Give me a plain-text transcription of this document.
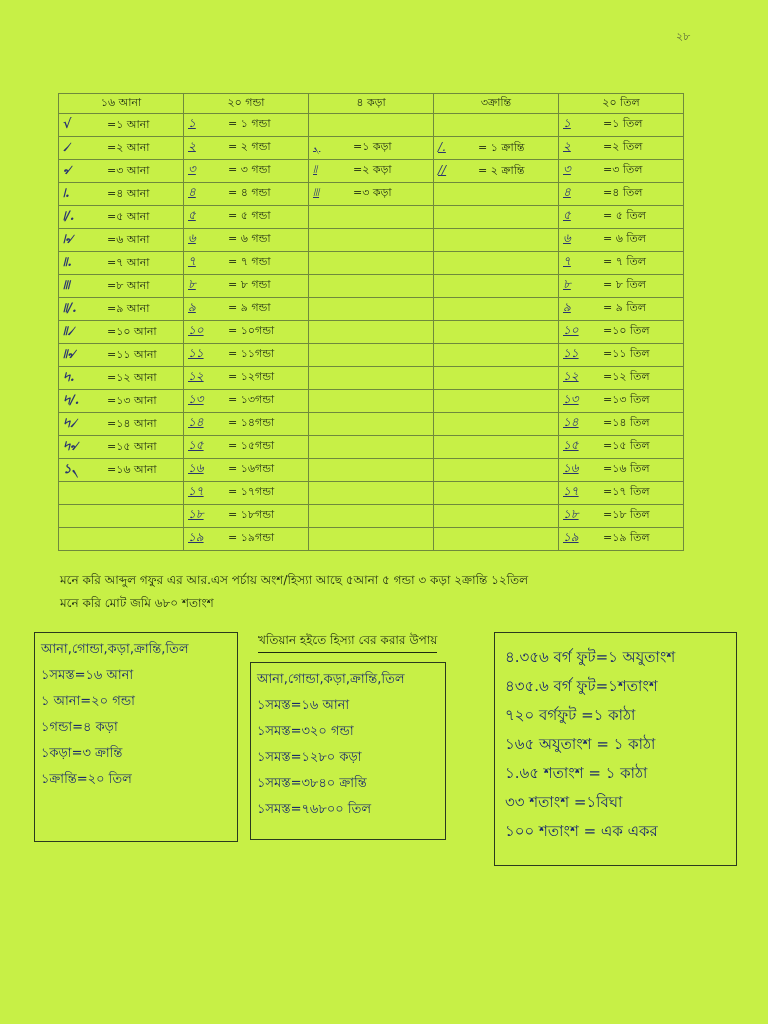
২৮
১৬ আনা	২০ গন্ডা	৪ কড়া	৩ক্রান্তি	২০ তিল
√ =১ আনা	১ = ১ গন্ডা			১ =১ তিল
৴ =২ আনা	২ = ২ গন্ডা	৲ =১ কড়া	/. = ১ ক্রান্তি	২ =২ তিল
৵ =৩ আনা	৩ = ৩ গন্ডা	৷৷ =২ কড়া	// = ২ ক্রান্তি	৩ =৩ তিল
৷. =৪ আনা	৪ = ৪ গন্ডা	৷৷৷ =৩ কড়া		৪ =৪ তিল
৷/. =৫ আনা	৫ = ৫ গন্ডা			৫ = ৫ তিল
৷৵ =৬ আনা	৬ = ৬ গন্ডা			৬ = ৬ তিল
৷৷. =৭ আনা	৭ = ৭ গন্ডা			৭ = ৭ তিল
৷৷৷ =৮ আনা	৮ = ৮ গন্ডা			৮ = ৮ তিল
৷৷/. =৯ আনা	৯ = ৯ গন্ডা			৯ = ৯ তিল
৷৷৴ =১০ আনা	১০ = ১০গন্ডা			১০ =১০ তিল
৷৷৵ =১১ আনা	১১ = ১১গন্ডা			১১ =১১ তিল
৸. =১২ আনা	১২ = ১২গন্ডা			১২ =১২ তিল
৸/. =১৩ আনা	১৩ = ১৩গন্ডা			১৩ =১৩ তিল
৸৴ =১৪ আনা	১৪ = ১৪গন্ডা			১৪ =১৪ তিল
৸৵ =১৫ আনা	১৫ = ১৫গন্ডা			১৫ =১৫ তিল
১৲ =১৬ আনা	১৬ = ১৬গন্ডা			১৬ =১৬ তিল
	১৭ = ১৭গন্ডা			১৭ =১৭ তিল
	১৮ = ১৮গন্ডা			১৮ =১৮ তিল
	১৯ = ১৯গন্ডা			১৯ =১৯ তিল
মনে করি আব্দুল গফুর এর আর.এস পর্চায় অংশ/হিস্যা আছে ৫আনা ৫ গন্ডা ৩ কড়া ২ক্রান্তি ১২তিল
মনে করি মোট জমি ৬৮০ শতাংশ
আনা,গোন্ডা,কড়া,ক্রান্তি,তিল
১সমস্ত=১৬ আনা
১ আনা=২০ গন্ডা
১গন্ডা=৪ কড়া
১কড়া=৩ ক্রান্তি
১ক্রান্তি=২০ তিল
খতিয়ান হইতে হিস্যা বের করার উপায়
আনা,গোন্ডা,কড়া,ক্রান্তি,তিল
১সমস্ত=১৬ আনা
১সমস্ত=৩২০ গন্ডা
১সমস্ত=১২৮০ কড়া
১সমস্ত=৩৮৪০ ক্রান্তি
১সমস্ত=৭৬৮০০ তিল
৪.৩৫৬ বর্গ ফুট=১ অযুতাংশ
৪৩৫.৬ বর্গ ফুট=১শতাংশ
৭২০ বর্গফুট =১ কাঠা
১৬৫ অযুতাংশ = ১ কাঠা
১.৬৫ শতাংশ = ১ কাঠা
৩৩ শতাংশ =১বিঘা
১০০ শতাংশ = এক একর
